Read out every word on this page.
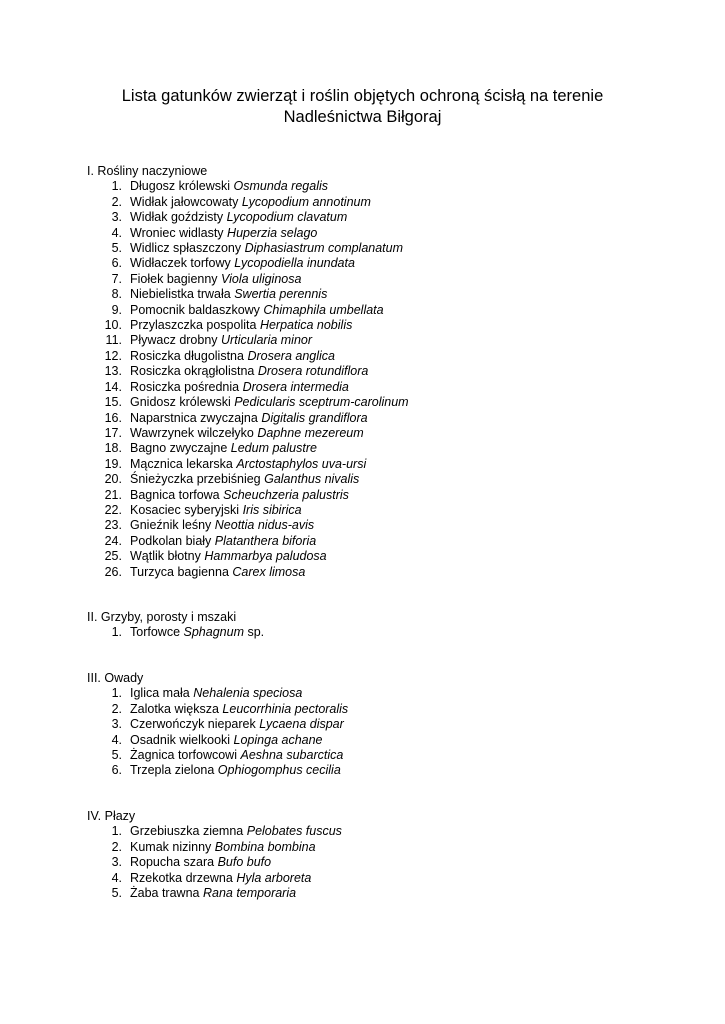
Lista gatunków zwierząt i roślin objętych ochroną ścisłą na terenie
Nadleśnictwa Biłgoraj

I. Rośliny naczyniowe

1. Długosz królewski Osmunda regalis
2. Widłak jałowcowaty Lycopodium annotinum
3. Widłak goździsty Lycopodium clavatum
4. Wroniec widlasty Huperzia selago
5. Widlicz spłaszczony Diphasiastrum complanatum
6. Widłaczek torfowy Lycopodiella inundata
7. Fiołek bagienny Viola uliginosa
8. Niebielistka trwała Swertia perennis
9. Pomocnik baldaszkowy Chimaphila umbellata
10. Przylaszczka pospolita Herpatica nobilis
11. Pływacz drobny Urticularia minor
12. Rosiczka długolistna Drosera anglica
13. Rosiczka okrągłolistna Drosera rotundiflora
14. Rosiczka pośrednia Drosera intermedia
15. Gnidosz królewski Pedicularis sceptrum-carolinum
16. Naparstnica zwyczajna Digitalis grandiflora
17. Wawrzynek wilczełyko Daphne mezereum
18. Bagno zwyczajne Ledum palustre
19. Mącznica lekarska Arctostaphylos uva-ursi
20. Śnieżyczka przebiśnieg Galanthus nivalis
21. Bagnica torfowa Scheuchzeria palustris
22. Kosaciec syberyjski Iris sibirica
23. Gnieźnik leśny Neottia nidus-avis
24. Podkolan biały Platanthera biforia
25. Wątlik błotny Hammarbya paludosa
26. Turzyca bagienna Carex limosa

II. Grzyby, porosty i mszaki

1. Torfowce Sphagnum sp.

III. Owady

1. Iglica mała Nehalenia speciosa
2. Zalotka większa Leucorrhinia pectoralis
3. Czerwończyk nieparek Lycaena dispar
4. Osadnik wielkooki Lopinga achane
5. Żagnica torfowcowi Aeshna subarctica
6. Trzepla zielona Ophiogomphus cecilia

IV. Płazy

1. Grzebiuszka ziemna Pelobates fuscus
2. Kumak nizinny Bombina bombina
3. Ropucha szara Bufo bufo
4. Rzekotka drzewna Hyla arboreta
5. Żaba trawna Rana temporaria
